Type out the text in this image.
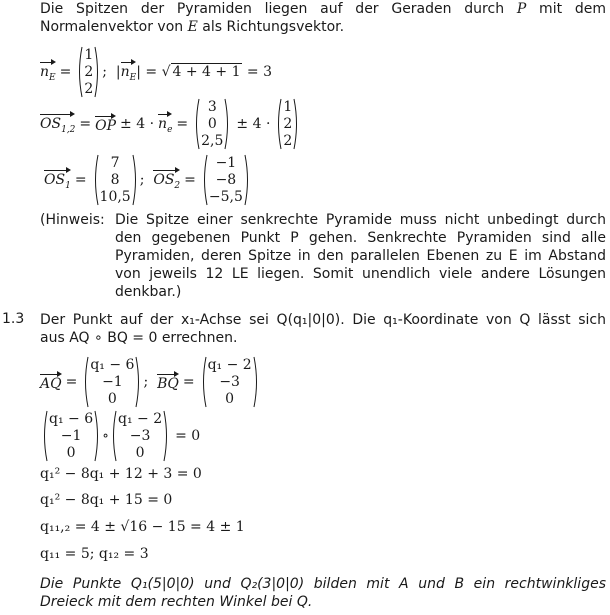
Die Spitzen der Pyramiden liegen auf der Geraden durch P mit dem Normalenvektor von E als Richtungsvektor.
$n_E$ =
1
2
2
;  $|n_E|$ = √ 4 + 4 + 1 = 3
$OS_{1,2}$ = OP ± $4 \cdot n_e$ =
3
0
2,5
± 4 ·
1
2
2
$OS_1$ =
7
8
10,5
; $OS_2$ =
−1
−8
−5,5
(Hinweis: Die Spitze einer senkrechte Pyramide muss nicht unbedingt durch
den gegebenen Punkt P gehen. Senkrechte Pyramiden sind alle
Pyramiden, deren Spitze in den parallelen Ebenen zu E im Abstand
von jeweils 12 LE liegen. Somit unendlich viele andere Lösungen
denkbar.)
1.3 Der Punkt auf der x₁-Achse sei Q(q₁|0|0). Die q₁-Koordinate von Q lässt sich
aus AQ ∘ BQ = 0 errechnen.
AQ =
q₁ − 6
−1
0
; BQ =
q₁ − 2
−3
0
q₁ − 6
−1
0
∘
q₁ − 2
−3
0
= 0
q₁² − 8q₁ + 12 + 3 = 0
q₁² − 8q₁ + 15 = 0
q₁₁,₂ = 4 ± √16 − 15 = 4 ± 1
q₁₁ = 5; q₁₂ = 3
Die Punkte Q₁(5|0|0) und Q₂(3|0|0) bilden mit A und B ein rechtwinkliges
Dreieck mit dem rechten Winkel bei Q.
